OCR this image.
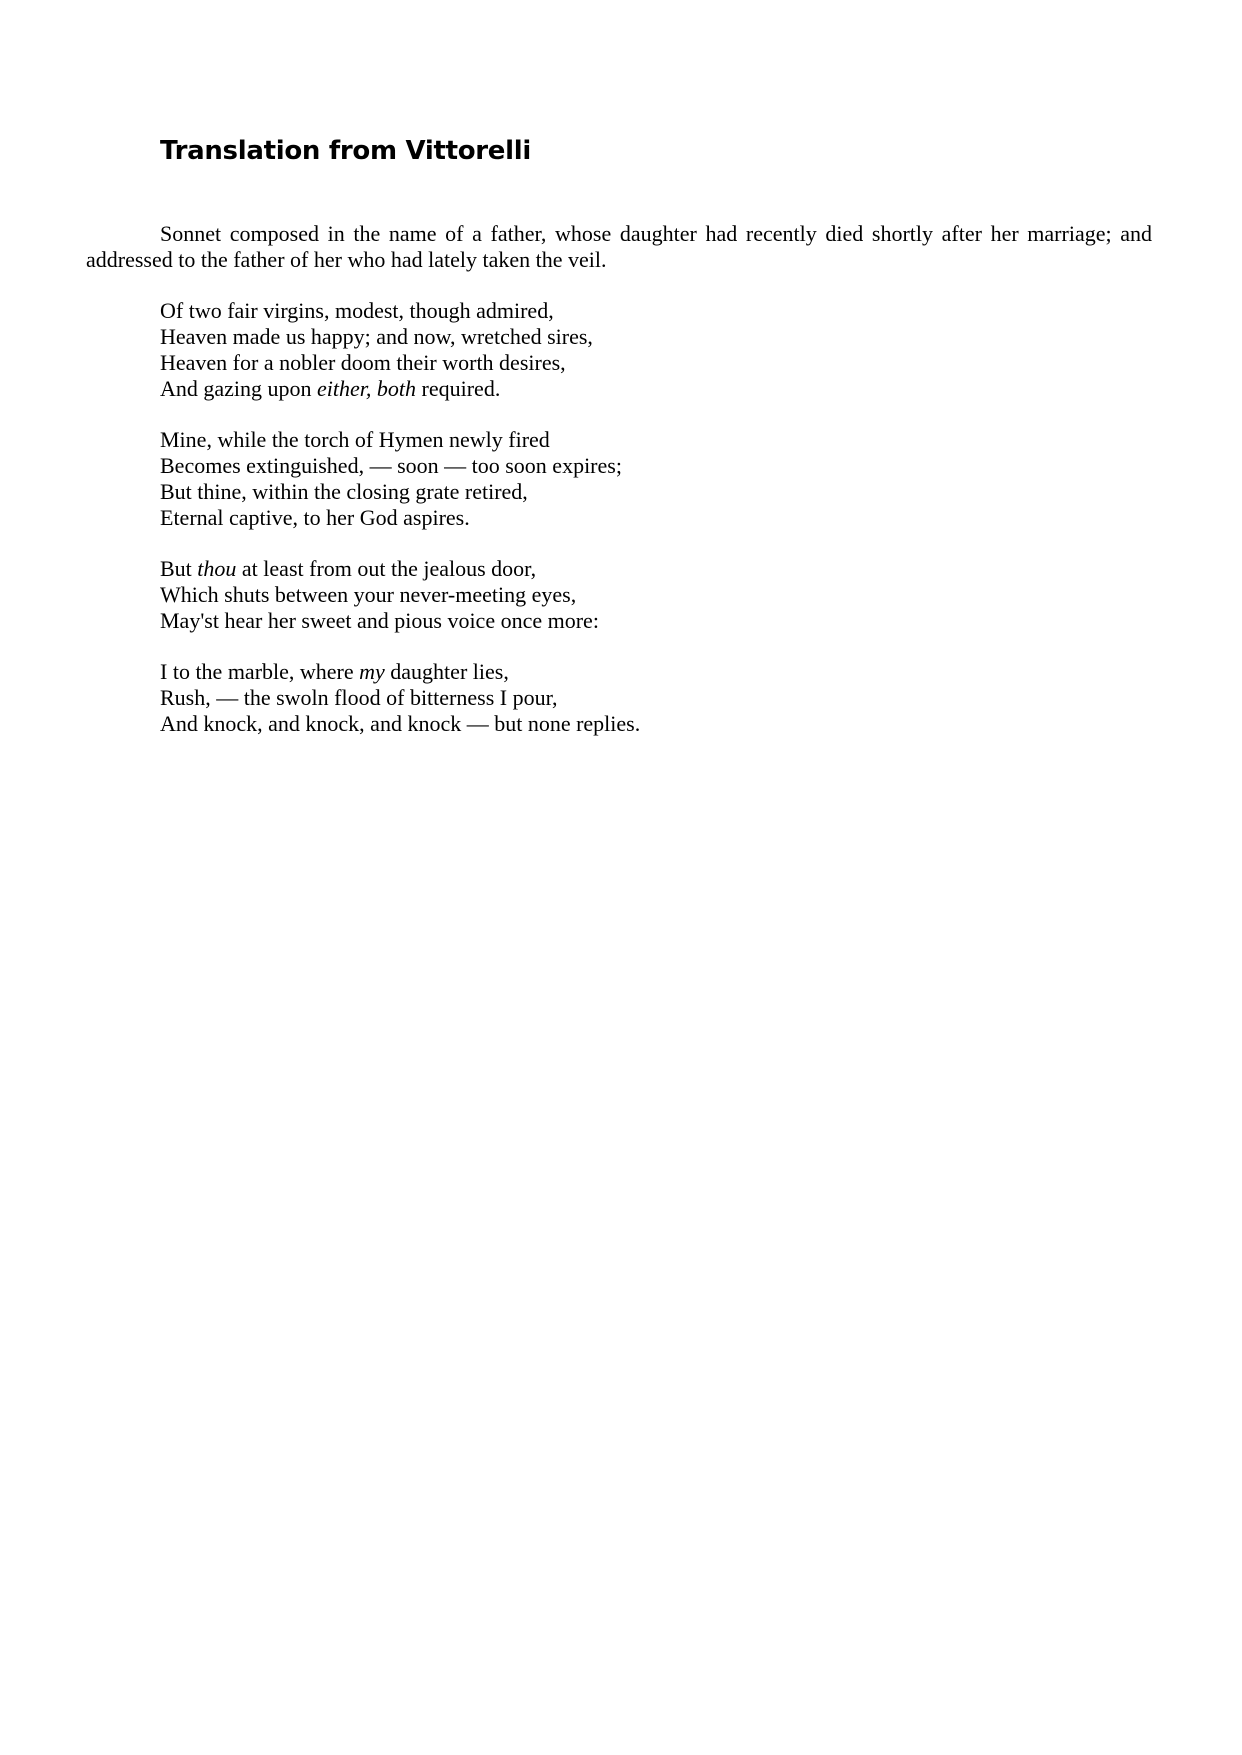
Translation from Vittorelli

Sonnet composed in the name of a father, whose daughter had recently died shortly after her marriage; and addressed to the father of her who had lately taken the veil.

Of two fair virgins, modest, though admired,
Heaven made us happy; and now, wretched sires,
Heaven for a nobler doom their worth desires,
And gazing upon either, both required.
Mine, while the torch of Hymen newly fired
Becomes extinguished, — soon — too soon expires;
But thine, within the closing grate retired,
Eternal captive, to her God aspires.
But thou at least from out the jealous door,
Which shuts between your never-meeting eyes,
May'st hear her sweet and pious voice once more:
I to the marble, where my daughter lies,
Rush, — the swoln flood of bitterness I pour,
And knock, and knock, and knock — but none replies.
